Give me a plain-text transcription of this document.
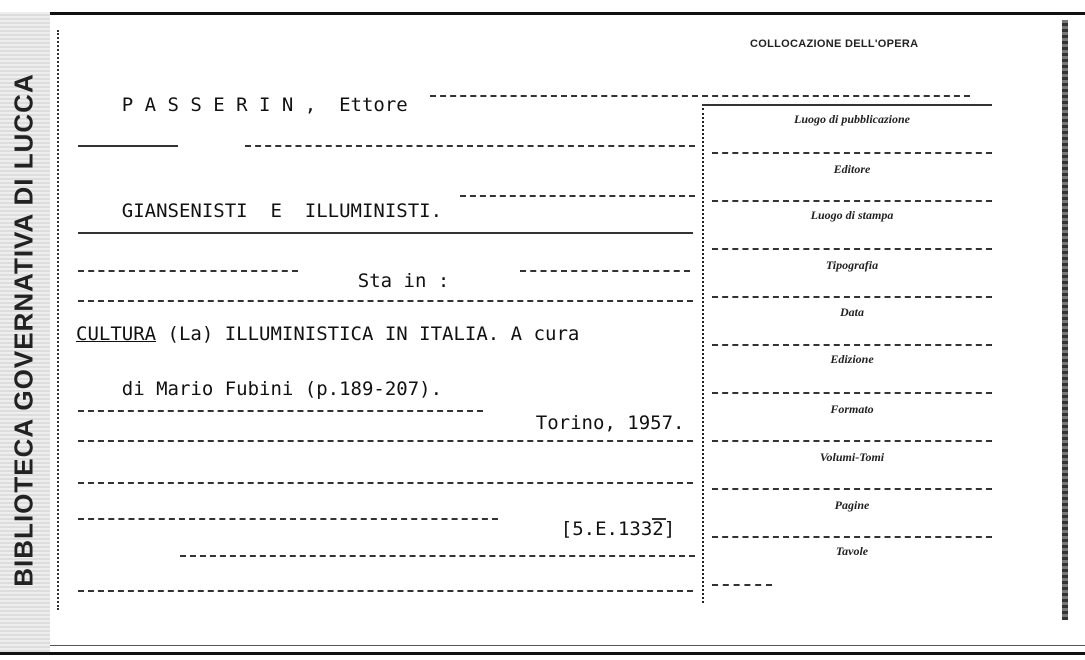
BIBLIOTECA GOVERNATIVA DI LUCCA	P A S S E R I N ,  Ettore

GIANSENISTI  E  ILLUMINISTI.

Sta in :

CULTURA (La) ILLUMINISTICA IN ITALIA. A cura

di Mario Fubini (p.189-207).

Torino, 1957.

[5.E.1332]

COLLOCAZIONE DELL'OPERA
Luogo di pubblicazione
Editore
Luogo di stampa
Tipografia
Data
Edizione
Formato
Volumi-Tomi
Pagine
Tavole
